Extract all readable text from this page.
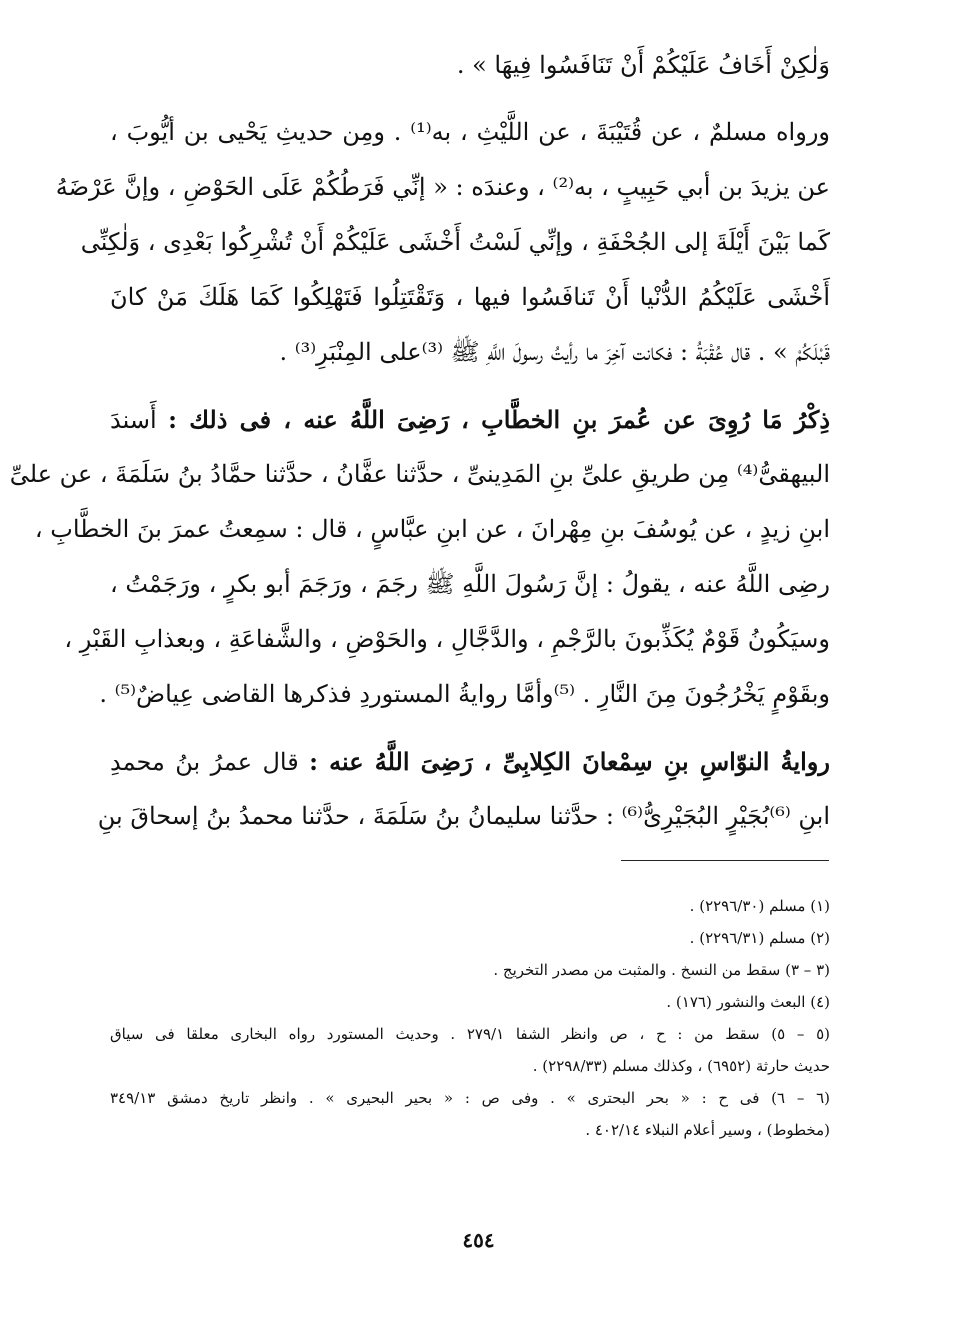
وَلٰكِنْ أَخَافُ عَلَيْكُمْ أَنْ تَنَافَسُوا فِيهَا » .
ورواه مسلمٌ ، عن قُتَيْبَةَ ، عن اللَّيْثِ ، به⁽¹⁾ . ومِن حديثِ يَحْيى بن أيُّوبَ ،
عن يزيدَ بن أبي حَبِيبٍ ، به⁽²⁾ ، وعندَه : « إنِّي فَرَطُكُمْ عَلَى الحَوْضِ ، وإنَّ عَرْضَهُ
كَما بَيْنَ أَيْلَةَ إلى الجُحْفَةِ ، وإنِّي لَسْتُ أَخْشَى عَلَيْكُمْ أَنْ تُشْرِكُوا بَعْدِى ، وَلٰكِنِّى
أَخْشَى عَلَيْكُمُ الدُّنْيا أَنْ تَنافَسُوا فيها ، وَتَقْتَتِلُوا فَتَهْلِكُوا كَمَا هَلَكَ مَنْ كانَ
قَبْلَكُمْ » . قال عُقْبَةُ : فكانت آخِرَ ما رأيتُ رسولَ اللَّهِ ﷺ ⁽³⁾على المِنْبَرِ⁽³⁾ .
ذِكْرُ مَا رُوِىَ عن عُمرَ بنِ الخطَّابِ ، رَضِىَ اللَّهُ عنه ، فى ذلك : أَسندَ
البيهقىُّ⁽⁴⁾ مِن طريقِ علىِّ بنِ المَدِينىِّ ، حدَّثنا عفَّانُ ، حدَّثنا حمَّادُ بنُ سَلَمَةَ ، عن علىِّ
ابنِ زيدٍ ، عن يُوسُفَ بنِ مِهْرانَ ، عن ابنِ عبَّاسٍ ، قال : سمِعتُ عمرَ بنَ الخطَّابِ ،
رضِى اللَّهُ عنه ، يقولُ : إنَّ رَسُولَ اللَّهِ ﷺ رجَمَ ، ورَجَمَ أبو بكرٍ ، ورَجَمْتُ ،
وسيَكُونُ قَوْمٌ يُكَذِّبونَ بالرَّجْمِ ، والدَّجَّالِ ، والحَوْضِ ، والشَّفاعَةِ ، وبعذابِ القَبْرِ ،
وبقَوْمٍ يَخْرُجُونَ مِنَ النَّارِ . ⁽⁵⁾وأمَّا روايةُ المستوردِ فذكرها القاضى عِياضٌ⁽⁵⁾ .
روايةُ النوّاسِ بنِ سِمْعانَ الكِلابِىِّ ، رَضِىَ اللَّهُ عنه : قال عمرُ بنُ محمدِ
ابنِ ⁽⁶⁾بُجَيْرٍ البُجَيْرِىُّ⁽⁶⁾ : حدَّثنا سليمانُ بنُ سَلَمَةَ ، حدَّثنا محمدُ بنُ إسحاقَ بنِ
(١) مسلم (٢٢٩٦/٣٠) .
(٢) مسلم (٢٢٩٦/٣١) .
(٣ – ٣) سقط من النسخ . والمثبت من مصدر التخريج .
(٤) البعث والنشور (١٧٦) .
(٥ – ٥) سقط من : ح ، ص وانظر الشفا ٢٧٩/١ . وحديث المستورد رواه البخارى معلقا فى سياق
حديث حارثة (٦٩٥٢) ، وكذلك مسلم (٢٢٩٨/٣٣) .
(٦ – ٦) فى ح : « بحر البحترى » . وفى ص : « بحير البحيرى » . وانظر تاريخ دمشق ٣٤٩/١٣
(مخطوط) ، وسير أعلام النبلاء ٤٠٢/١٤ .
٤٥٤
